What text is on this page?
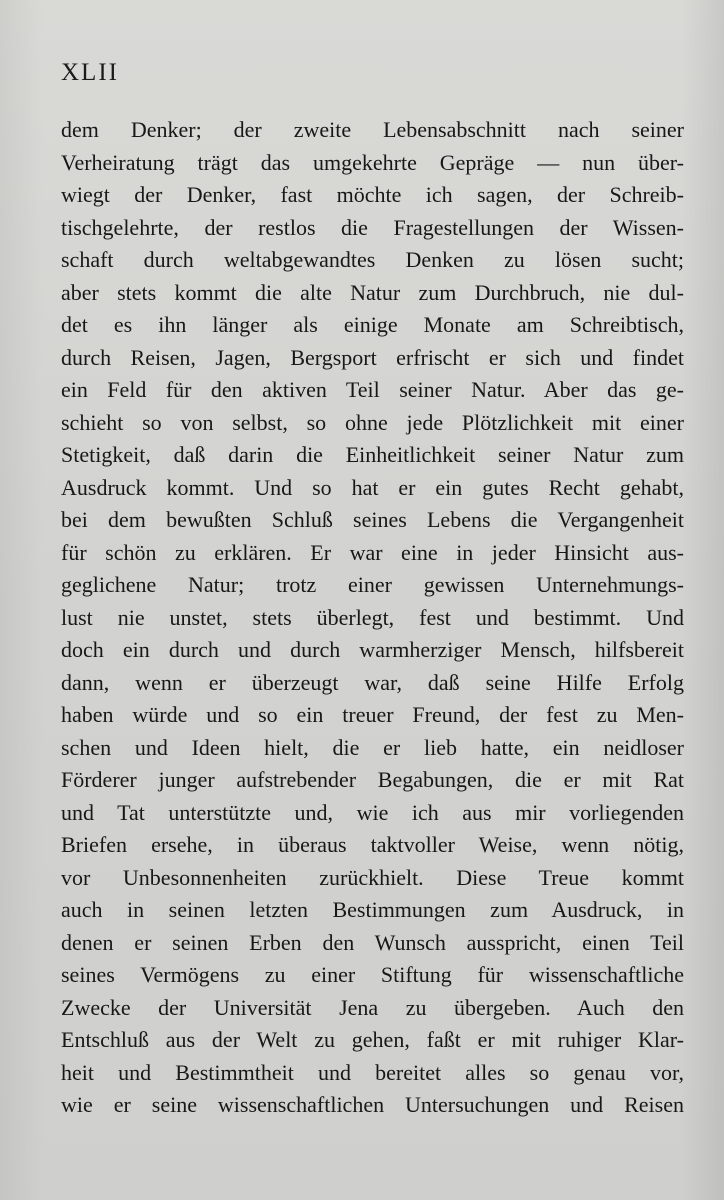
XLII

dem Denker; der zweite Lebensabschnitt nach seiner
Verheiratung trägt das umgekehrte Gepräge — nun über-
wiegt der Denker, fast möchte ich sagen, der Schreib-
tischgelehrte, der restlos die Fragestellungen der Wissen-
schaft durch weltabgewandtes Denken zu lösen sucht;
aber stets kommt die alte Natur zum Durchbruch, nie dul-
det es ihn länger als einige Monate am Schreibtisch,
durch Reisen, Jagen, Bergsport erfrischt er sich und findet
ein Feld für den aktiven Teil seiner Natur. Aber das ge-
schieht so von selbst, so ohne jede Plötzlichkeit mit einer
Stetigkeit, daß darin die Einheitlichkeit seiner Natur zum
Ausdruck kommt. Und so hat er ein gutes Recht gehabt,
bei dem bewußten Schluß seines Lebens die Vergangenheit
für schön zu erklären. Er war eine in jeder Hinsicht aus-
geglichene Natur; trotz einer gewissen Unternehmungs-
lust nie unstet, stets überlegt, fest und bestimmt. Und
doch ein durch und durch warmherziger Mensch, hilfsbereit
dann, wenn er überzeugt war, daß seine Hilfe Erfolg
haben würde und so ein treuer Freund, der fest zu Men-
schen und Ideen hielt, die er lieb hatte, ein neidloser
Förderer junger aufstrebender Begabungen, die er mit Rat
und Tat unterstützte und, wie ich aus mir vorliegenden
Briefen ersehe, in überaus taktvoller Weise, wenn nötig,
vor Unbesonnenheiten zurückhielt. Diese Treue kommt
auch in seinen letzten Bestimmungen zum Ausdruck, in
denen er seinen Erben den Wunsch ausspricht, einen Teil
seines Vermögens zu einer Stiftung für wissenschaftliche
Zwecke der Universität Jena zu übergeben. Auch den
Entschluß aus der Welt zu gehen, faßt er mit ruhiger Klar-
heit und Bestimmtheit und bereitet alles so genau vor,
wie er seine wissenschaftlichen Untersuchungen und Reisen
